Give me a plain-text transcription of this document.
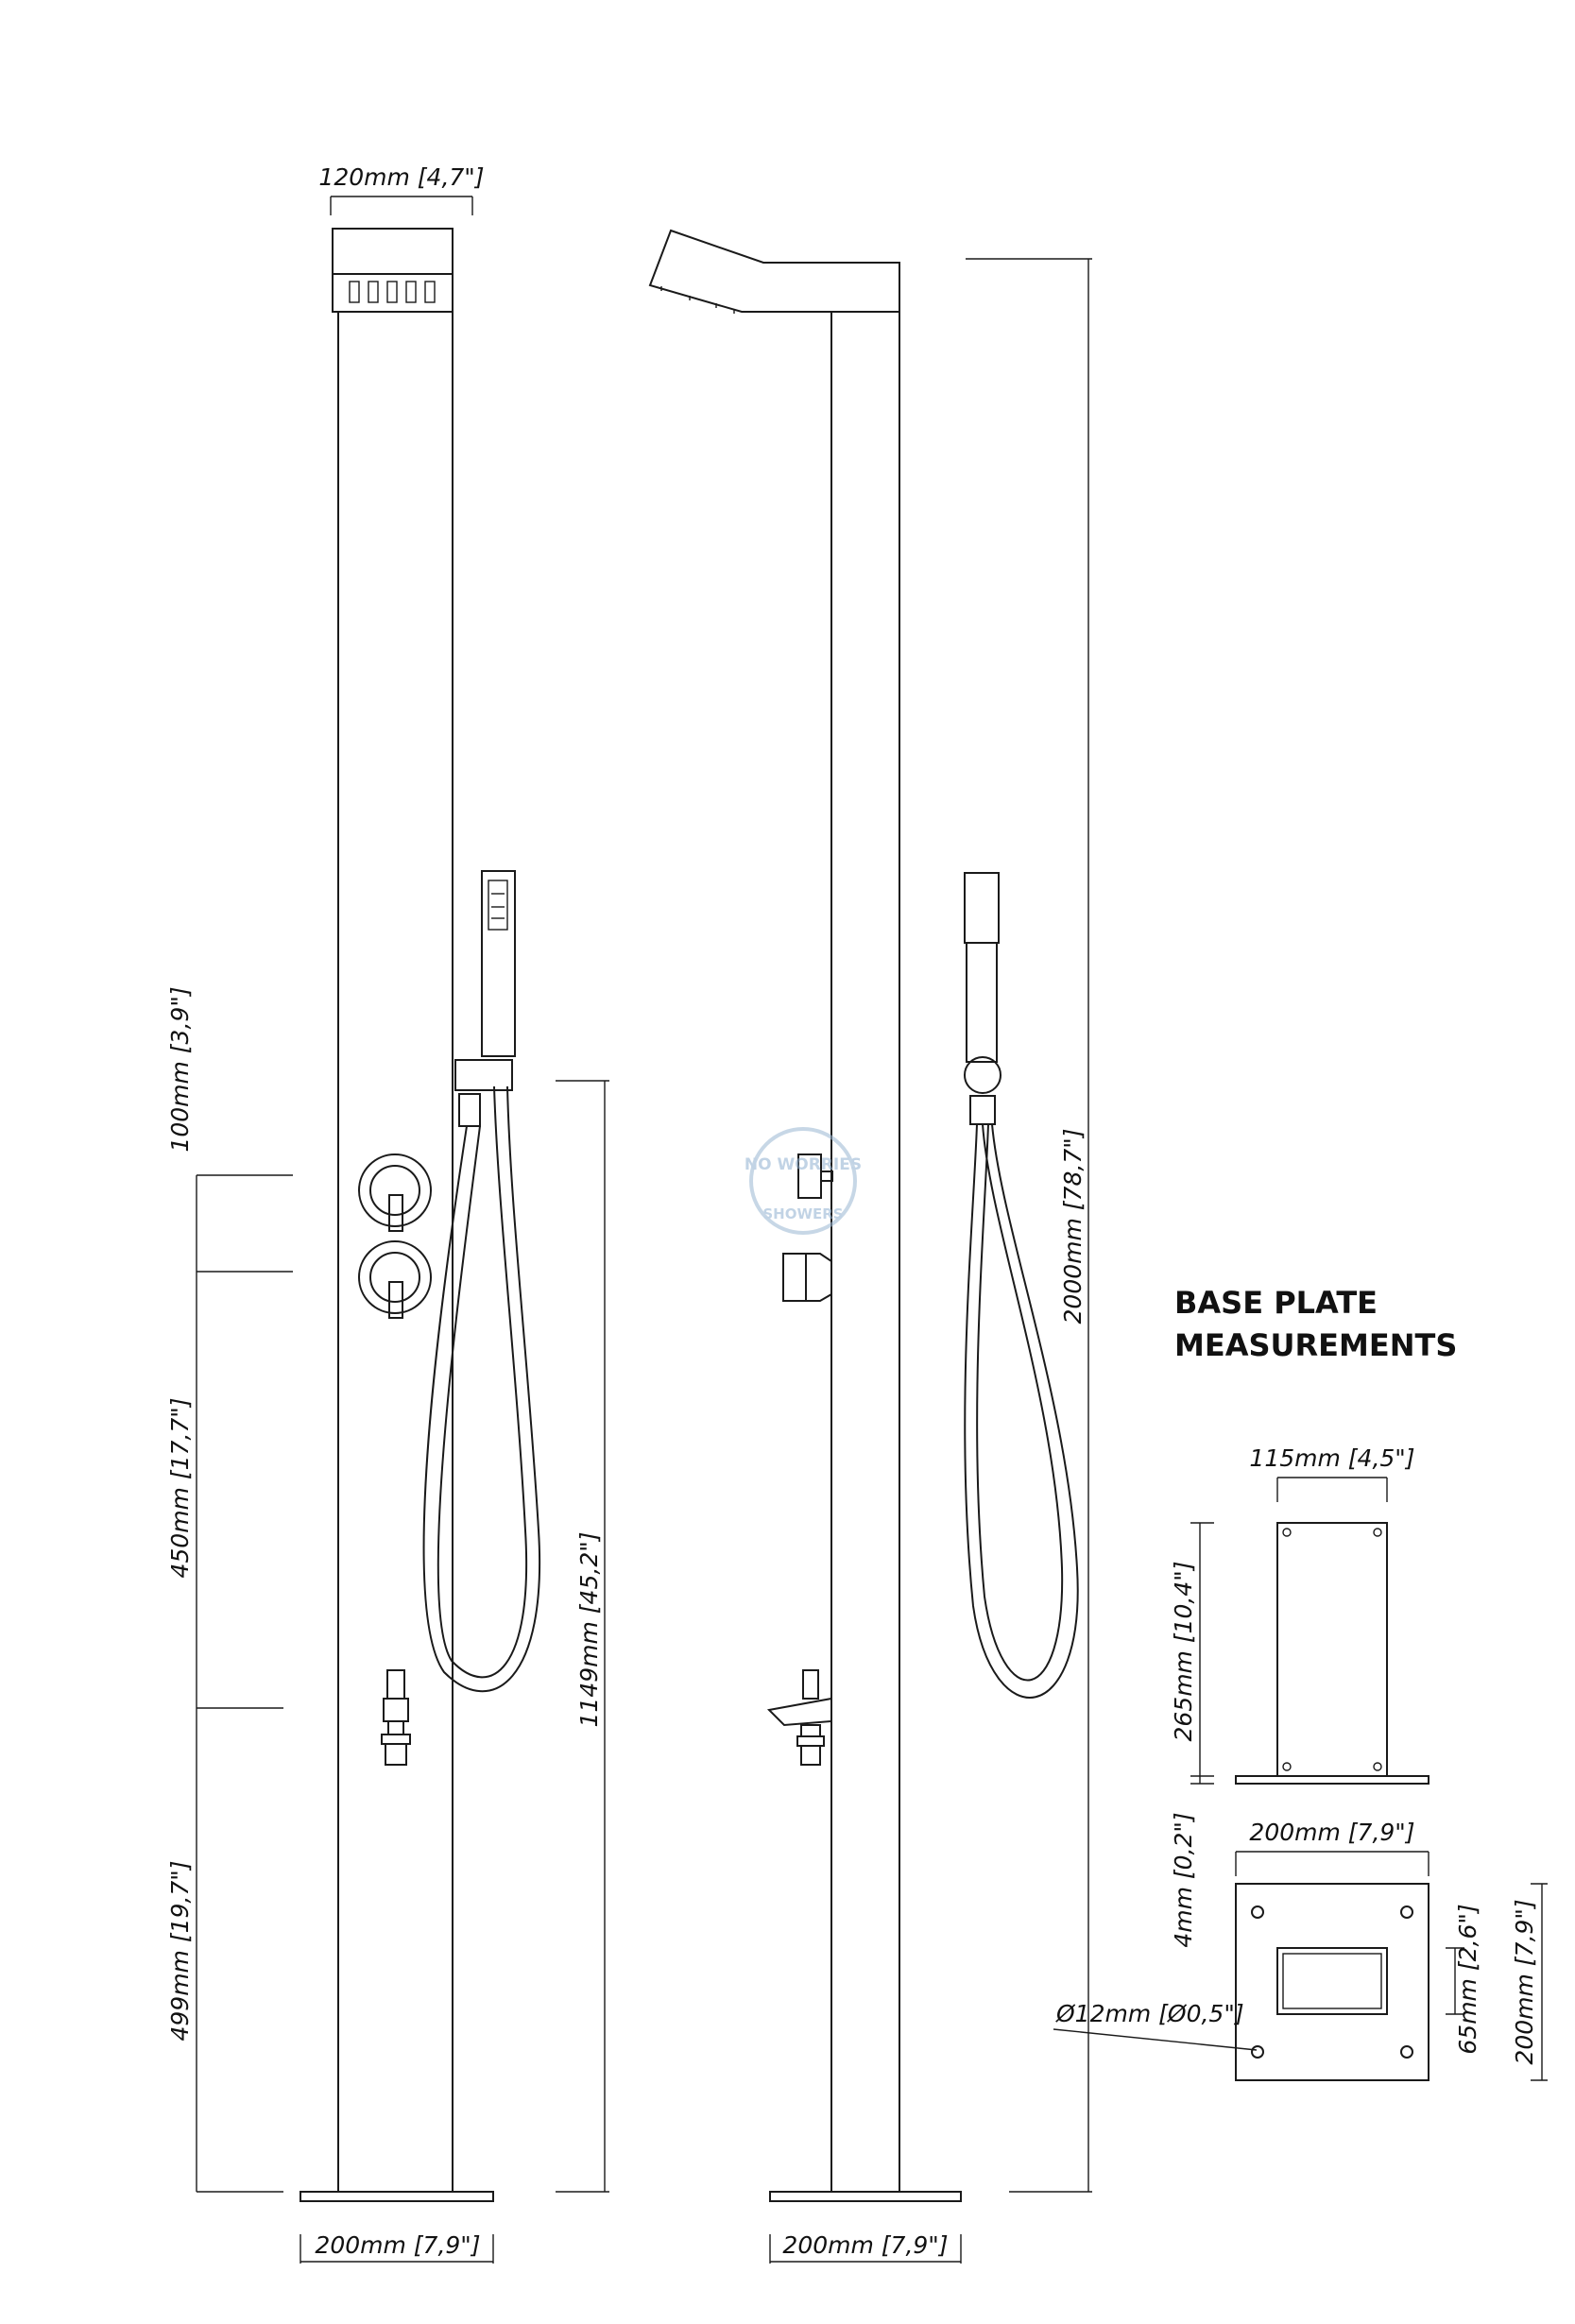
120mm [4,7"]
100mm [3,9"]
450mm [17,7"]
499mm [19,7"]
1149mm [45,2"]
200mm [7,9"]
NO WORRIES
SHOWERS	2000mm [78,7"]
200mm [7,9"]
BASE PLATE
MEASUREMENTS
115mm [4,5"]
265mm [10,4"]
4mm [0,2"] 200mm [7,9"]
Ø12mm [Ø0,5"]	65mm [2,6"] 200mm [7,9"]
